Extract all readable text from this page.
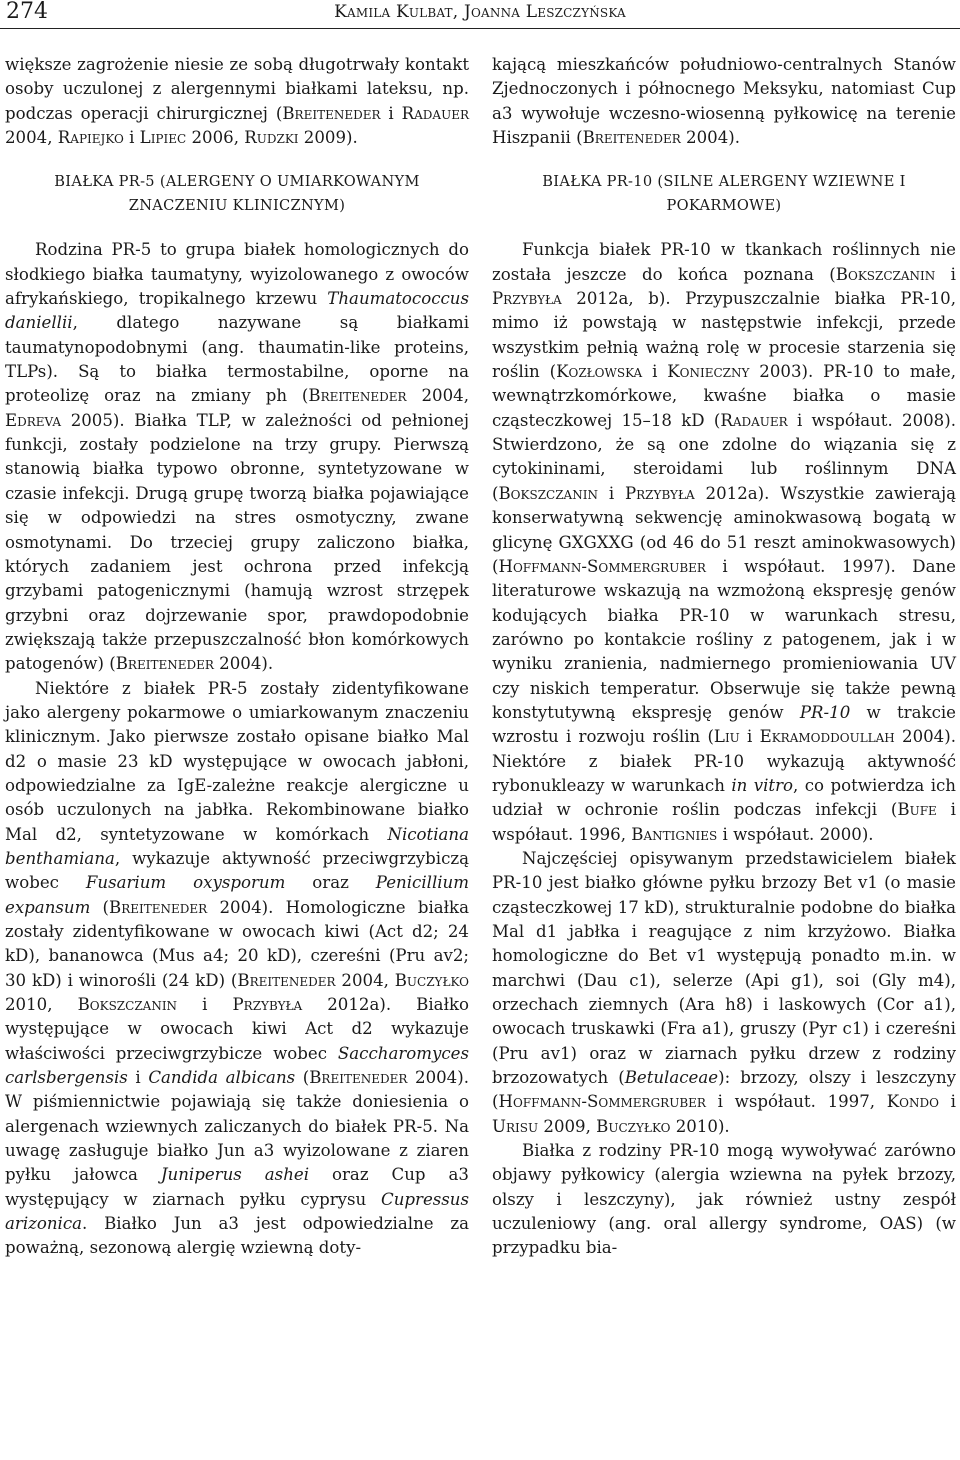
274	Kamila Kulbat, Joanna Leszczyńska

większe zagrożenie niesie ze sobą długotrwały kontakt osoby uczulonej z alergennymi białkami lateksu, np. podczas operacji chirurgicznej (Breiteneder i Radauer 2004, Rapiejko i Lipiec 2006, Rudzki 2009).

BIAŁKA PR-5 (ALERGENY O UMIARKOWANYM ZNACZENIU KLINICZNYM)

Rodzina PR-5 to grupa białek homologicznych do słodkiego białka taumatyny, wyizolowanego z owoców afrykańskiego, tropikalnego krzewu Thaumatococcus daniellii, dlatego nazywane są białkami taumatynopodobnymi (ang. thaumatin-like proteins, TLPs). Są to białka termostabilne, oporne na proteolizę oraz na zmiany ph (Breiteneder 2004, Edreva 2005). Białka TLP, w zależności od pełnionej funkcji, zostały podzielone na trzy grupy. Pierwszą stanowią białka typowo obronne, syntetyzowane w czasie infekcji. Drugą grupę tworzą białka pojawiające się w odpowiedzi na stres osmotyczny, zwane osmotynami. Do trzeciej grupy zaliczono białka, których zadaniem jest ochrona przed infekcją grzybami patogenicznymi (hamują wzrost strzępek grzybni oraz dojrzewanie spor, prawdopodobnie zwiększają także przepuszczalność błon komórkowych patogenów) (Breiteneder 2004).

Niektóre z białek PR-5 zostały zidentyfikowane jako alergeny pokarmowe o umiarkowanym znaczeniu klinicznym. Jako pierwsze zostało opisane białko Mal d2 o masie 23 kD występujące w owocach jabłoni, odpowiedzialne za IgE-zależne reakcje alergiczne u osób uczulonych na jabłka. Rekombinowane białko Mal d2, syntetyzowane w komórkach Nicotiana benthamiana, wykazuje aktywność przeciwgrzybiczą wobec Fusarium oxysporum oraz Penicillium expansum (Breiteneder 2004). Homologiczne białka zostały zidentyfikowane w owocach kiwi (Act d2; 24 kD), bananowca (Mus a4; 20 kD), czereśni (Pru av2; 30 kD) i winorośli (24 kD) (Breiteneder 2004, Buczyłko 2010, Bokszczanin i Przybyła 2012a). Białko występujące w owocach kiwi Act d2 wykazuje właściwości przeciwgrzybicze wobec Saccharomyces carlsbergensis i Candida albicans (Breiteneder 2004). W piśmiennictwie pojawiają się także doniesienia o alergenach wziewnych zaliczanych do białek PR-5. Na uwagę zasługuje białko Jun a3 wyizolowane z ziaren pyłku jałowca Juniperus ashei oraz Cup a3 występujący w ziarnach pyłku cyprysu Cupressus arizonica. Białko Jun a3 jest odpowiedzialne za poważną, sezonową alergię wziewną doty-

kającą mieszkańców południowo-centralnych Stanów Zjednoczonych i północnego Meksyku, natomiast Cup a3 wywołuje wczesno-wiosenną pyłkowicę na terenie Hiszpanii (Breiteneder 2004).

BIAŁKA PR-10 (SILNE ALERGENY WZIEWNE I POKARMOWE)

Funkcja białek PR-10 w tkankach roślinnych nie została jeszcze do końca poznana (Bokszczanin i Przybyła 2012a, b). Przypuszczalnie białka PR-10, mimo iż powstają w następstwie infekcji, przede wszystkim pełnią ważną rolę w procesie starzenia się roślin (Kozłowska i Konieczny 2003). PR-10 to małe, wewnątrzkomórkowe, kwaśne białka o masie cząsteczkowej 15–18 kD (Radauer i współaut. 2008). Stwierdzono, że są one zdolne do wiązania się z cytokininami, steroidami lub roślinnym DNA (Bokszczanin i Przybyła 2012a). Wszystkie zawierają konserwatywną sekwencję aminokwasową bogatą w glicynę GXGXXG (od 46 do 51 reszt aminokwasowych) (Hoffmann-Sommergruber i współaut. 1997). Dane literaturowe wskazują na wzmożoną ekspresję genów kodujących białka PR-10 w warunkach stresu, zarówno po kontakcie rośliny z patogenem, jak i w wyniku zranienia, nadmiernego promieniowania UV czy niskich temperatur. Obserwuje się także pewną konstytutywną ekspresję genów PR-10 w trakcie wzrostu i rozwoju roślin (Liu i Ekramoddoullah 2004). Niektóre z białek PR-10 wykazują aktywność rybonukleazy w warunkach in vitro, co potwierdza ich udział w ochronie roślin podczas infekcji (Bufe i współaut. 1996, Bantignies i współaut. 2000).

Najczęściej opisywanym przedstawicielem białek PR-10 jest białko główne pyłku brzozy Bet v1 (o masie cząsteczkowej 17 kD), strukturalnie podobne do białka Mal d1 jabłka i reagujące z nim krzyżowo. Białka homologiczne do Bet v1 występują ponadto m.in. w marchwi (Dau c1), selerze (Api g1), soi (Gly m4), orzechach ziemnych (Ara h8) i laskowych (Cor a1), owocach truskawki (Fra a1), gruszy (Pyr c1) i czereśni (Pru av1) oraz w ziarnach pyłku drzew z rodziny brzozowatych (Betulaceae): brzozy, olszy i leszczyny (Hoffmann-Sommergruber i współaut. 1997, Kondo i Urisu 2009, Buczyłko 2010).

Białka z rodziny PR-10 mogą wywoływać zarówno objawy pyłkowicy (alergia wziewna na pyłek brzozy, olszy i leszczyny), jak również ustny zespół uczuleniowy (ang. oral allergy syndrome, OAS) (w przypadku bia-
